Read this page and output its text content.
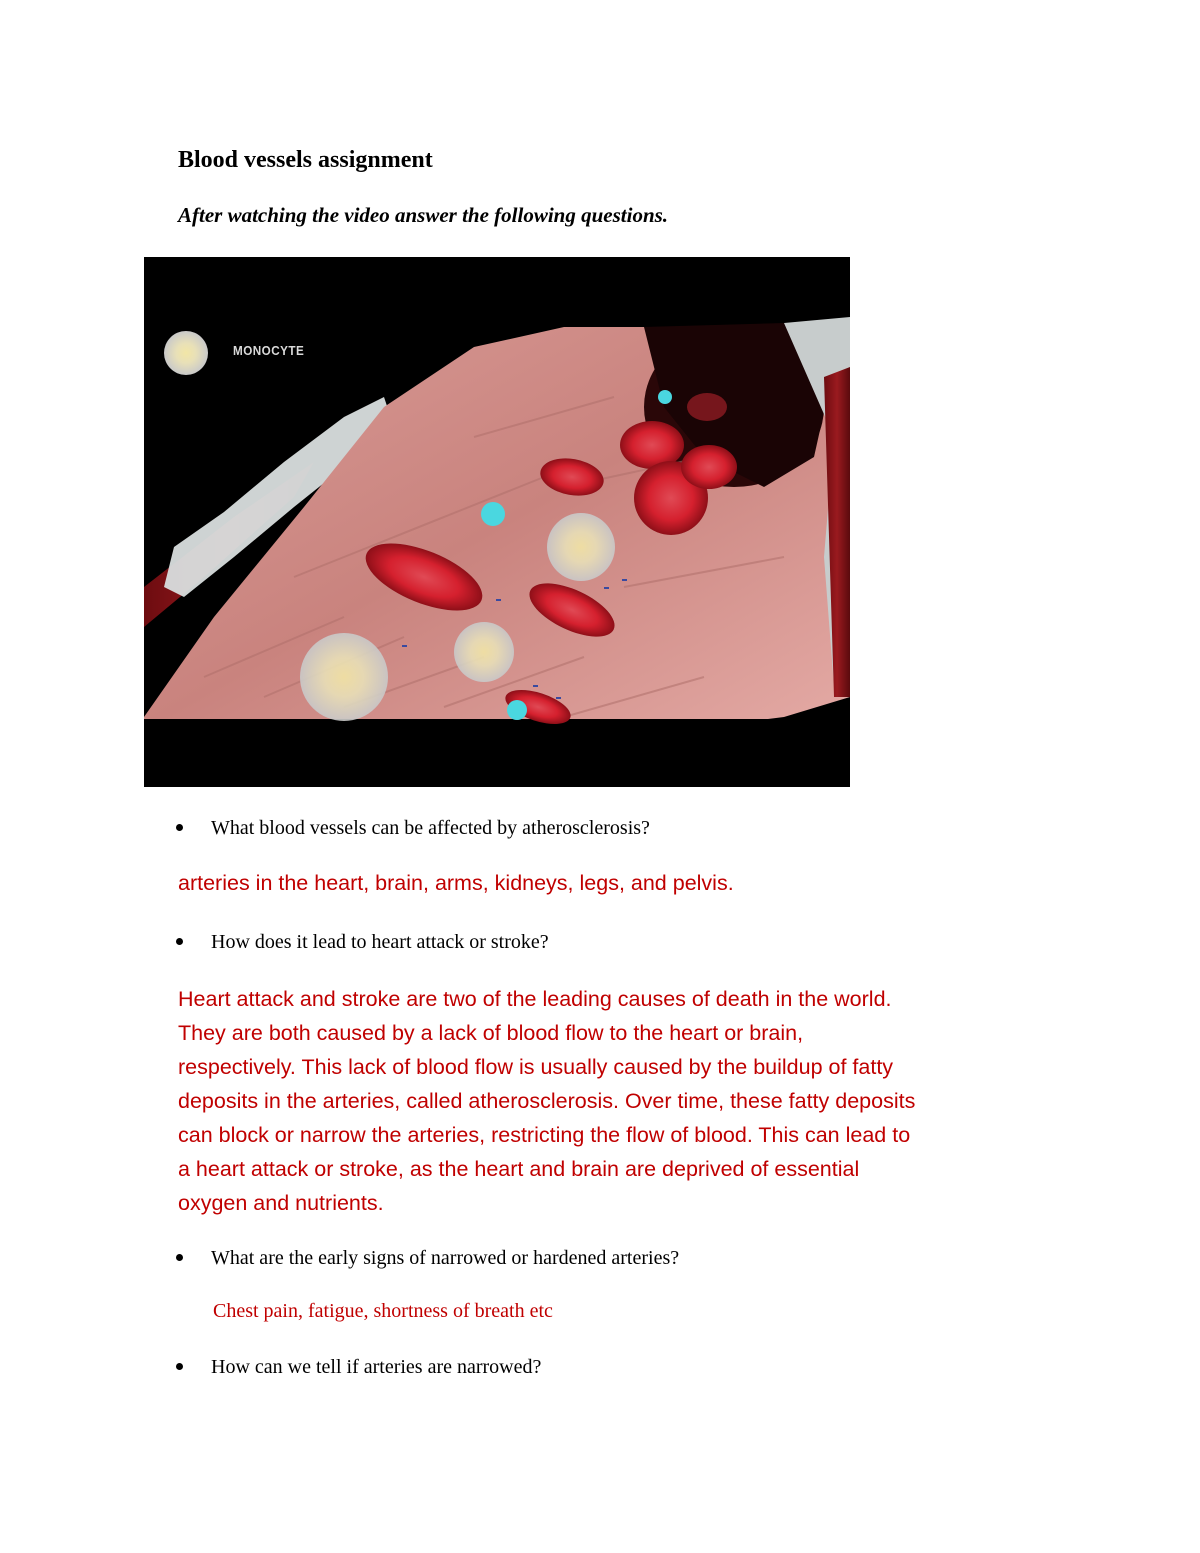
Blood vessels assignment
After watching the video answer the following questions.
MONOCYTE
What blood vessels can be affected by atherosclerosis?
arteries in the heart, brain, arms, kidneys, legs, and pelvis.
How does it lead to heart attack or stroke?
Heart attack and stroke are two of the leading causes of death in the world.
They are both caused by a lack of blood flow to the heart or brain,
respectively. This lack of blood flow is usually caused by the buildup of fatty
deposits in the arteries, called atherosclerosis. Over time, these fatty deposits
can block or narrow the arteries, restricting the flow of blood. This can lead to
a heart attack or stroke, as the heart and brain are deprived of essential
oxygen and nutrients.
What are the early signs of narrowed or hardened arteries?
Chest pain, fatigue, shortness of breath etc
How can we tell if arteries are narrowed?
